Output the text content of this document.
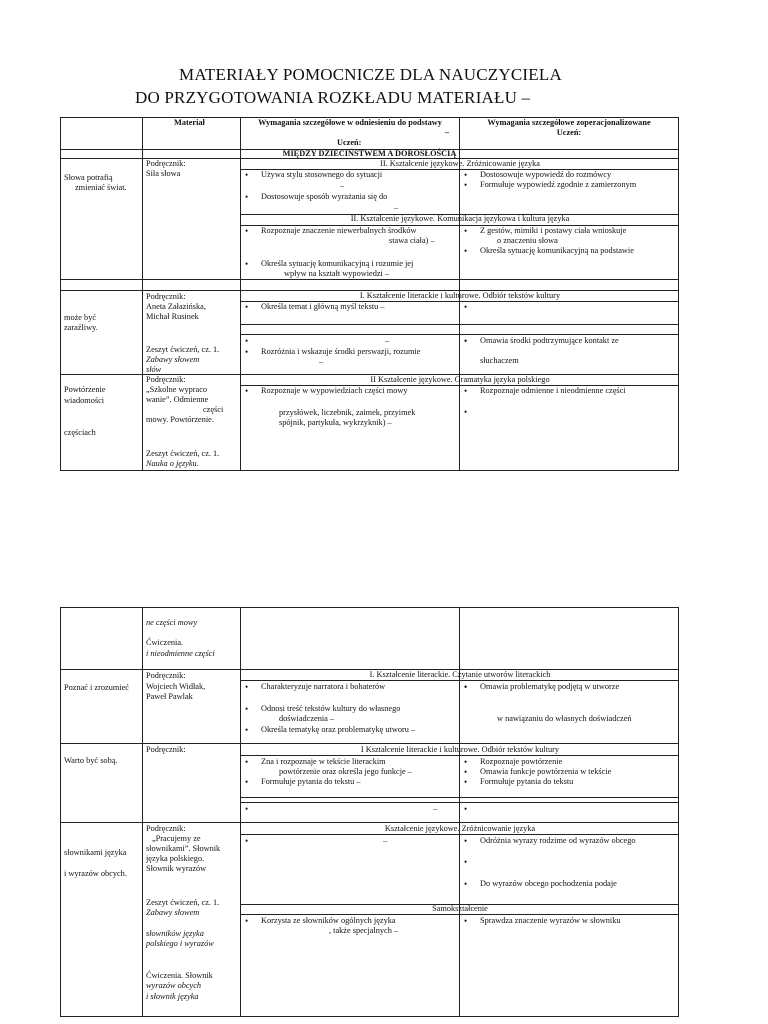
MATERIAŁY POMOCNICZE DLA NAUCZYCIELA
DO PRZYGOTOWANIA ROZKŁADU MATERIAŁU –
Materiał	Wymagania szczegółowe w odniesieniu do podstawy
–
Uczeń:
Wymagania szczegółowe zoperacjonalizowane
Uczeń:
MIĘDZY DZIECIŃSTWEM A DOROSŁOŚCIĄ
Słowa potrafią
zmieniać świat.
Podręcznik:
Siła słowa
II. Kształcenie językowe. Zróżnicowanie języka
• Używa stylu stosownego do sytuacji
–
• Dostosowuje sposób wyrażania się do
–
• Dostosowuje wypowiedź do rozmówcy
• Formułuje wypowiedź zgodnie z zamierzonym
II. Kształcenie językowe. Komunikacja językowa i kultura języka
• Rozpoznaje znaczenie niewerbalnych środków
stawa ciała) –
• Określa sytuację komunikacyjną i rozumie jej
wpływ na kształt wypowiedzi –
• Z gestów, mimiki i postawy ciała wnioskuje
o znaczeniu słowa
• Określa sytuację komunikacyjną na podstawie
może być
zaraźliwy.
Podręcznik:
Aneta Załazińska,
Michał Rusinek
Zeszyt ćwiczeń, cz. 1.
Zabawy słowem
słów
I. Kształcenie literackie i kulturowe. Odbiór tekstów kultury
• Określa temat i główną myśl tekstu –
–
• Rozróżnia i wskazuje środki perswazji, rozumie
–
• Omawia środki podtrzymujące kontakt ze
słuchaczem
Powtórzenie
wiadomości
częściach
Podręcznik:
„Szkolne wypraco
wanie”. Odmienne
części
mowy. Powtórzenie.
Zeszyt ćwiczeń, cz. 1.
Nauka o języku.
II Kształcenie językowe. Gramatyka języka polskiego
• Rozpoznaje w wypowiedziach części mowy
przysłówek, liczebnik, zaimek, przyimek
spójnik, partykuła, wykrzyknik) –
• Rozpoznaje odmienne i nieodmienne części
ne części mowy
Ćwiczenia.
i nieodmienne części
Poznać i zrozumieć
Podręcznik:
Wojciech Widłak,
Paweł Pawlak
I. Kształcenie literackie. Czytanie utworów literackich
• Charakteryzuje narratora i bohaterów
• Odnosi treść tekstów kultury do własnego
doświadczenia –
• Określa tematykę oraz problematykę utworu –
• Omawia problematykę podjętą w utworze
w nawiązaniu do własnych doświadczeń
Warto być sobą.
Podręcznik:	I Kształcenie literackie i kulturowe. Odbiór tekstów kultury
• Zna i rozpoznaje w tekście literackim
powtórzenie oraz określa jego funkcje –
• Formułuje pytania do tekstu –
• Rozpoznaje powtórzenie
• Omawia funkcje powtórzenia w tekście
• Formułuje pytania do tekstu
–
słownikami języka
i wyrazów obcych.
Podręcznik:
„Pracujemy ze
słownikami”. Słownik
języka polskiego.
Słownik wyrazów
Zeszyt ćwiczeń, cz. 1.
Zabawy słowem
słowników języka
polskiego i wyrazów
Ćwiczenia. Słownik
wyrazów obcych
i słownik języka
Kształcenie językowe. Zróżnicowanie języka
–
•	Odróżnia wyrazy rodzime od wyrazów obcego
• Do wyrazów obcego pochodzenia podaje
Samokształcenie
• Korzysta ze słowników ogólnych języka
, także specjalnych –
• Sprawdza znaczenie wyrazów w słowniku
